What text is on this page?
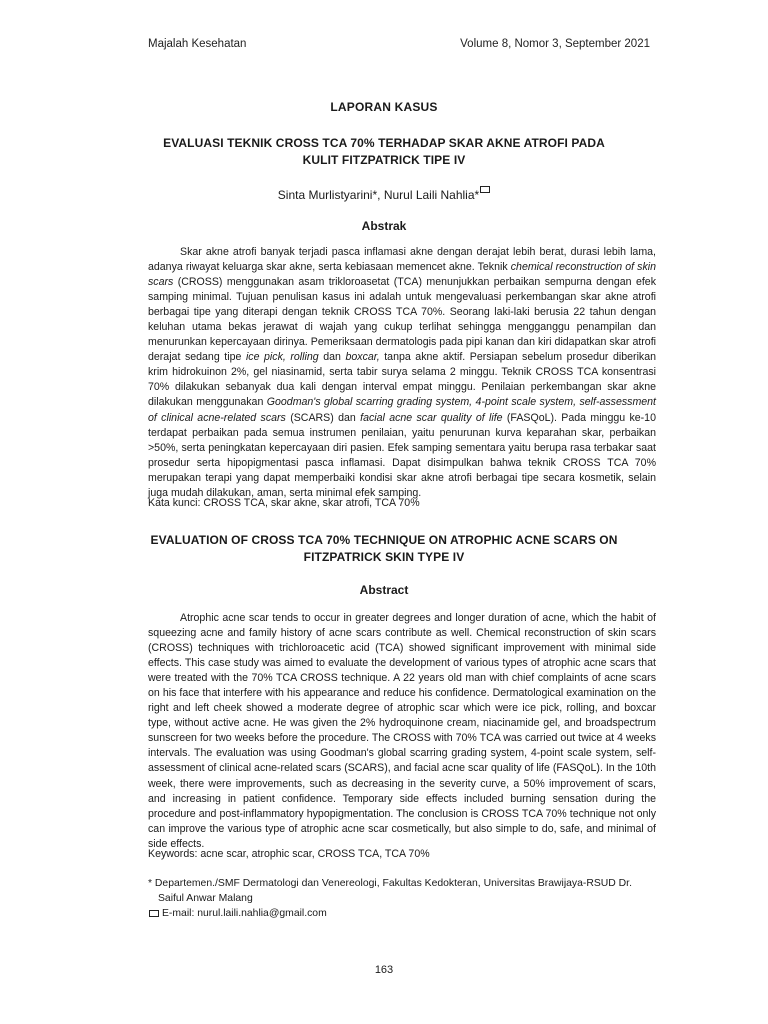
Majalah Kesehatan	Volume 8, Nomor 3, September 2021
LAPORAN KASUS
EVALUASI TEKNIK CROSS TCA 70% TERHADAP SKAR AKNE ATROFI PADA
KULIT FITZPATRICK TIPE IV
Sinta Murlistyarini*, Nurul Laili Nahlia*
Abstrak
Skar akne atrofi banyak terjadi pasca inflamasi akne dengan derajat lebih berat, durasi lebih lama, adanya riwayat keluarga skar akne, serta kebiasaan memencet akne. Teknik chemical reconstruction of skin scars (CROSS) menggunakan asam trikloroasetat (TCA) menunjukkan perbaikan sempurna dengan efek samping minimal. Tujuan penulisan kasus ini adalah untuk mengevaluasi perkembangan skar akne atrofi berbagai tipe yang diterapi dengan teknik CROSS TCA 70%. Seorang laki-laki berusia 22 tahun dengan keluhan utama bekas jerawat di wajah yang cukup terlihat sehingga mengganggu penampilan dan menurunkan kepercayaan dirinya. Pemeriksaan dermatologis pada pipi kanan dan kiri didapatkan skar atrofi derajat sedang tipe ice pick, rolling dan boxcar, tanpa akne aktif. Persiapan sebelum prosedur diberikan krim hidrokuinon 2%, gel niasinamid, serta tabir surya selama 2 minggu. Teknik CROSS TCA konsentrasi 70% dilakukan sebanyak dua kali dengan interval empat minggu. Penilaian perkembangan skar akne dilakukan menggunakan Goodman's global scarring grading system, 4-point scale system, self-assessment of clinical acne-related scars (SCARS) dan facial acne scar quality of life (FASQoL). Pada minggu ke-10 terdapat perbaikan pada semua instrumen penilaian, yaitu penurunan kurva keparahan skar, perbaikan >50%, serta peningkatan kepercayaan diri pasien. Efek samping sementara yaitu berupa rasa terbakar saat prosedur serta hipopigmentasi pasca inflamasi. Dapat disimpulkan bahwa teknik CROSS TCA 70% merupakan terapi yang dapat memperbaiki kondisi skar akne atrofi berbagai tipe secara kosmetik, selain juga mudah dilakukan, aman, serta minimal efek samping.
Kata kunci: CROSS TCA, skar akne, skar atrofi, TCA 70%
EVALUATION OF CROSS TCA 70% TECHNIQUE ON ATROPHIC ACNE SCARS ON
FITZPATRICK SKIN TYPE IV
Abstract
Atrophic acne scar tends to occur in greater degrees and longer duration of acne, which the habit of squeezing acne and family history of acne scars contribute as well. Chemical reconstruction of skin scars (CROSS) techniques with trichloroacetic acid (TCA) showed significant improvement with minimal side effects. This case study was aimed to evaluate the development of various types of atrophic acne scars that were treated with the 70% TCA CROSS technique. A 22 years old man with chief complaints of acne scars on his face that interfere with his appearance and reduce his confidence. Dermatological examination on the right and left cheek showed a moderate degree of atrophic scar which were ice pick, rolling, and boxcar type, without active acne. He was given the 2% hydroquinone cream, niacinamide gel, and broadspectrum sunscreen for two weeks before the procedure. The CROSS with 70% TCA was carried out twice at 4 weeks intervals. The evaluation was using Goodman's global scarring grading system, 4-point scale system, self-assessment of clinical acne-related scars (SCARS), and facial acne scar quality of life (FASQoL). In the 10th week, there were improvements, such as decreasing in the severity curve, a 50% improvement of scars, and increasing in patient confidence. Temporary side effects included burning sensation during the procedure and post-inflammatory hypopigmentation. The conclusion is CROSS TCA 70% technique not only can improve the various type of atrophic acne scar cosmetically, but also simple to do, safe, and minimal of side effects.
Keywords: acne scar, atrophic scar, CROSS TCA, TCA 70%
* Departemen./SMF Dermatologi dan Venereologi, Fakultas Kedokteran, Universitas Brawijaya-RSUD Dr.
Saiful Anwar Malang
E-mail: nurul.laili.nahlia@gmail.com
163
